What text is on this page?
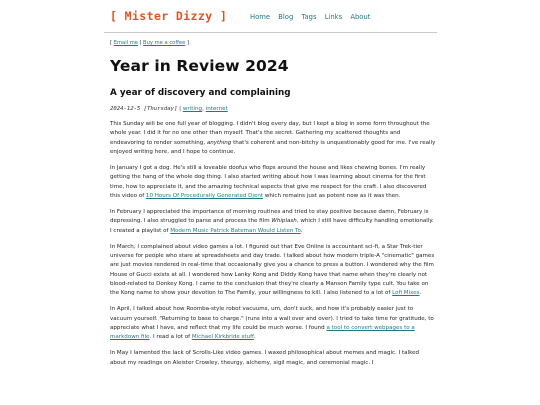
[ Mister Dizzy ]	Home Blog Tags Links About
[ Email me | Buy me a coffee ]
Year in Review 2024
A year of discovery and complaining
2024-12-5 [Thursday] | writing, internet

This Sunday will be one full year of blogging. I didn't blog every day, but I kept a blog in some form throughout the whole year. I did it for no one other than myself. That's the secret. Gathering my scattered thoughts and endeavoring to render something, anything that's coherent and non-bitchy is unquestionably good for me. I've really enjoyed writing here, and I hope to continue.

In January I got a dog. He's still a loveable doofus who flops around the house and likes chewing bones. I'm really getting the hang of the whole dog thing. I also started writing about how I was learning about cinema for the first time, how to appreciate it, and the amazing technical aspects that give me respect for the craft. I also discovered this video of 10 Hours Of Procedurally Generated Djent which remains just as potent now as it was then.

In February I appreciated the importance of morning routines and tried to stay positive because damn, February is depressing. I also struggled to parse and process the film Whiplash, which I still have difficulty handling emotionally. I created a playlist of Modern Music Patrick Bateman Would Listen To.

In March, I complained about video games a lot. I figured out that Eve Online is accountant sci-fi, a Star Trek-tier universe for people who stare at spreadsheets and day trade. I talked about how modern triple-A "cinematic" games are just movies rendered in real-time that occasionally give you a chance to press a button. I wondered why the film House of Gucci exists at all. I wondered how Lanky Kong and Diddy Kong have that name when they're clearly not blood-related to Donkey Kong. I came to the conclusion that they're clearly a Manson Family type cult. You take on the Kong name to show your devotion to The Family, your willingness to kill. I also listened to a lot of Lofi Mixes.

In April, I talked about how Roomba-style robot vacuums, um, don't suck, and how it's probably easier just to vacuum yourself. "Returning to base to charge." (runs into a wall over and over). I tried to take time for gratitude, to appreciate what I have, and reflect that my life could be much worse. I found a tool to convert webpages to a markdown file. I read a lot of Michael Kirkbride stuff.

In May I lamented the lack of Scrolls-Like video games. I waxed philosophical about memes and magic. I talked about my readings on Aleister Crowley, theurgy, alchemy, sigil magic, and ceremonial magic. I
